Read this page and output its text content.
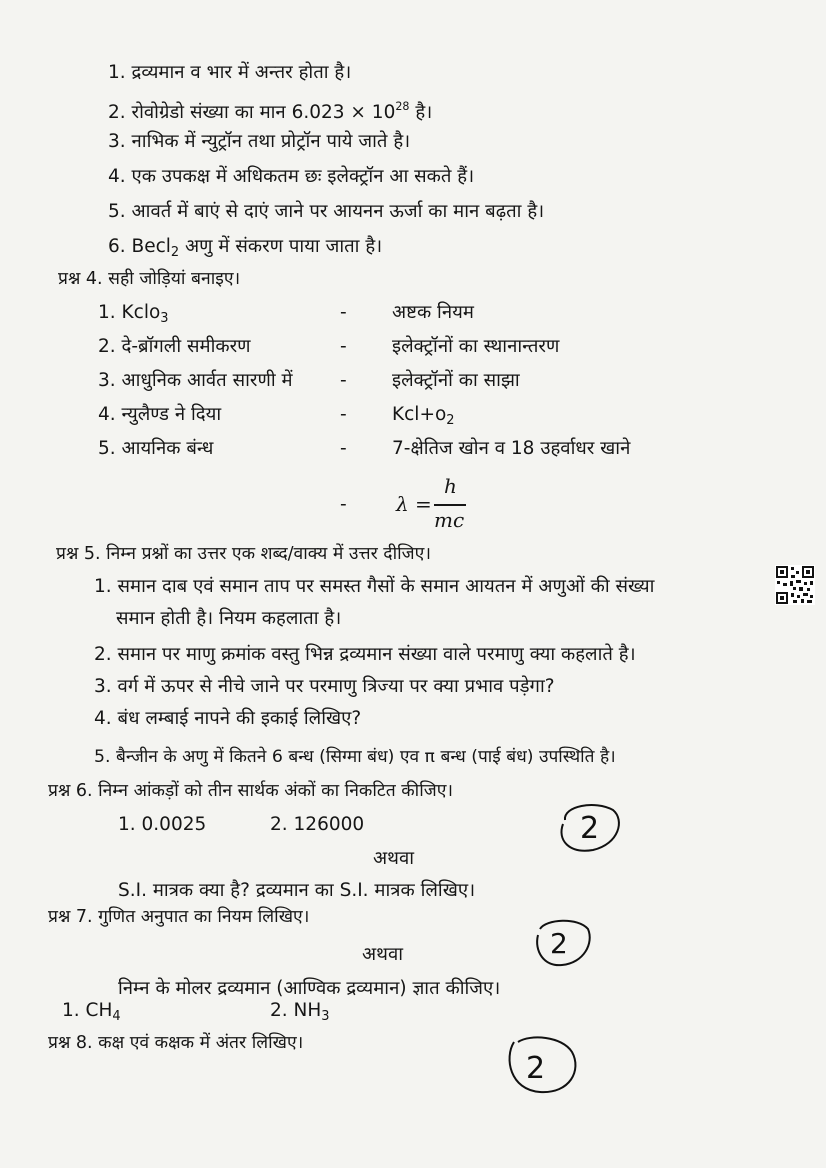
1. द्रव्यमान व भार में अन्तर होता है।
2. रोवोग्रेडो संख्या का मान $6.023 \times 10^{28}$ है।
3. नाभिक में न्युट्रॉन तथा प्रोट्रॉन पाये जाते है।
4. एक उपकक्ष में अधिकतम छः इलेक्ट्रॉन आ सकते हैं।
5. आवर्त में बाएं से दाएं जाने पर आयनन ऊर्जा का मान बढ़ता है।
6. Becl$_2$ अणु में संकरण पाया जाता है।
प्रश्न 4. सही जोड़ियां बनाइए।
1. Kclo$_3$
2. दे-ब्रॉगली समीकरण
3. आधुनिक आर्वत सारणी में
4. न्युलैण्ड ने दिया
5. आयनिक बंन्ध
-
-
-
-
-
-
अष्टक नियम
इलेक्ट्रॉनों का स्थानान्तरण
इलेक्ट्रॉनों का साझा
$Kcl+o_2$
7-क्षेतिज खोन व 18 उहर्वाधर खाने
λ =
h
mc
प्रश्न 5. निम्न प्रश्नों का उत्तर एक शब्द/वाक्य में उत्तर दीजिए।
1. समान दाब एवं समान ताप पर समस्त गैसों के समान आयतन में अणुओं की संख्या
समान होती है। नियम कहलाता है।
2. समान पर माणु क्रमांक वस्तु भिन्न द्रव्यमान संख्या वाले परमाणु क्या कहलाते है।
3. वर्ग में ऊपर से नीचे जाने पर परमाणु त्रिज्या पर क्या प्रभाव पड़ेगा?
4. बंध लम्बाई नापने की इकाई लिखिए?
5. बैन्जीन के अणु में कितने 6 बन्ध (सिग्मा बंध) एव π बन्ध (पाई बंध) उपस्थिति है।
प्रश्न 6. निम्न आंकड़ों को तीन सार्थक अंकों का निकटित कीजिए।
1. 0.0025	2. 126000
अथवा
S.I. मात्रक क्या है? द्रव्यमान का S.I. मात्रक लिखिए।
2
प्रश्न 7. गुणित अनुपात का नियम लिखिए।
अथवा
निम्न के मोलर द्रव्यमान (आण्विक द्रव्यमान) ज्ञात कीजिए।
1. $CH_4$	2. $NH_3$
2
प्रश्न 8. कक्ष एवं कक्षक में अंतर लिखिए।
2
